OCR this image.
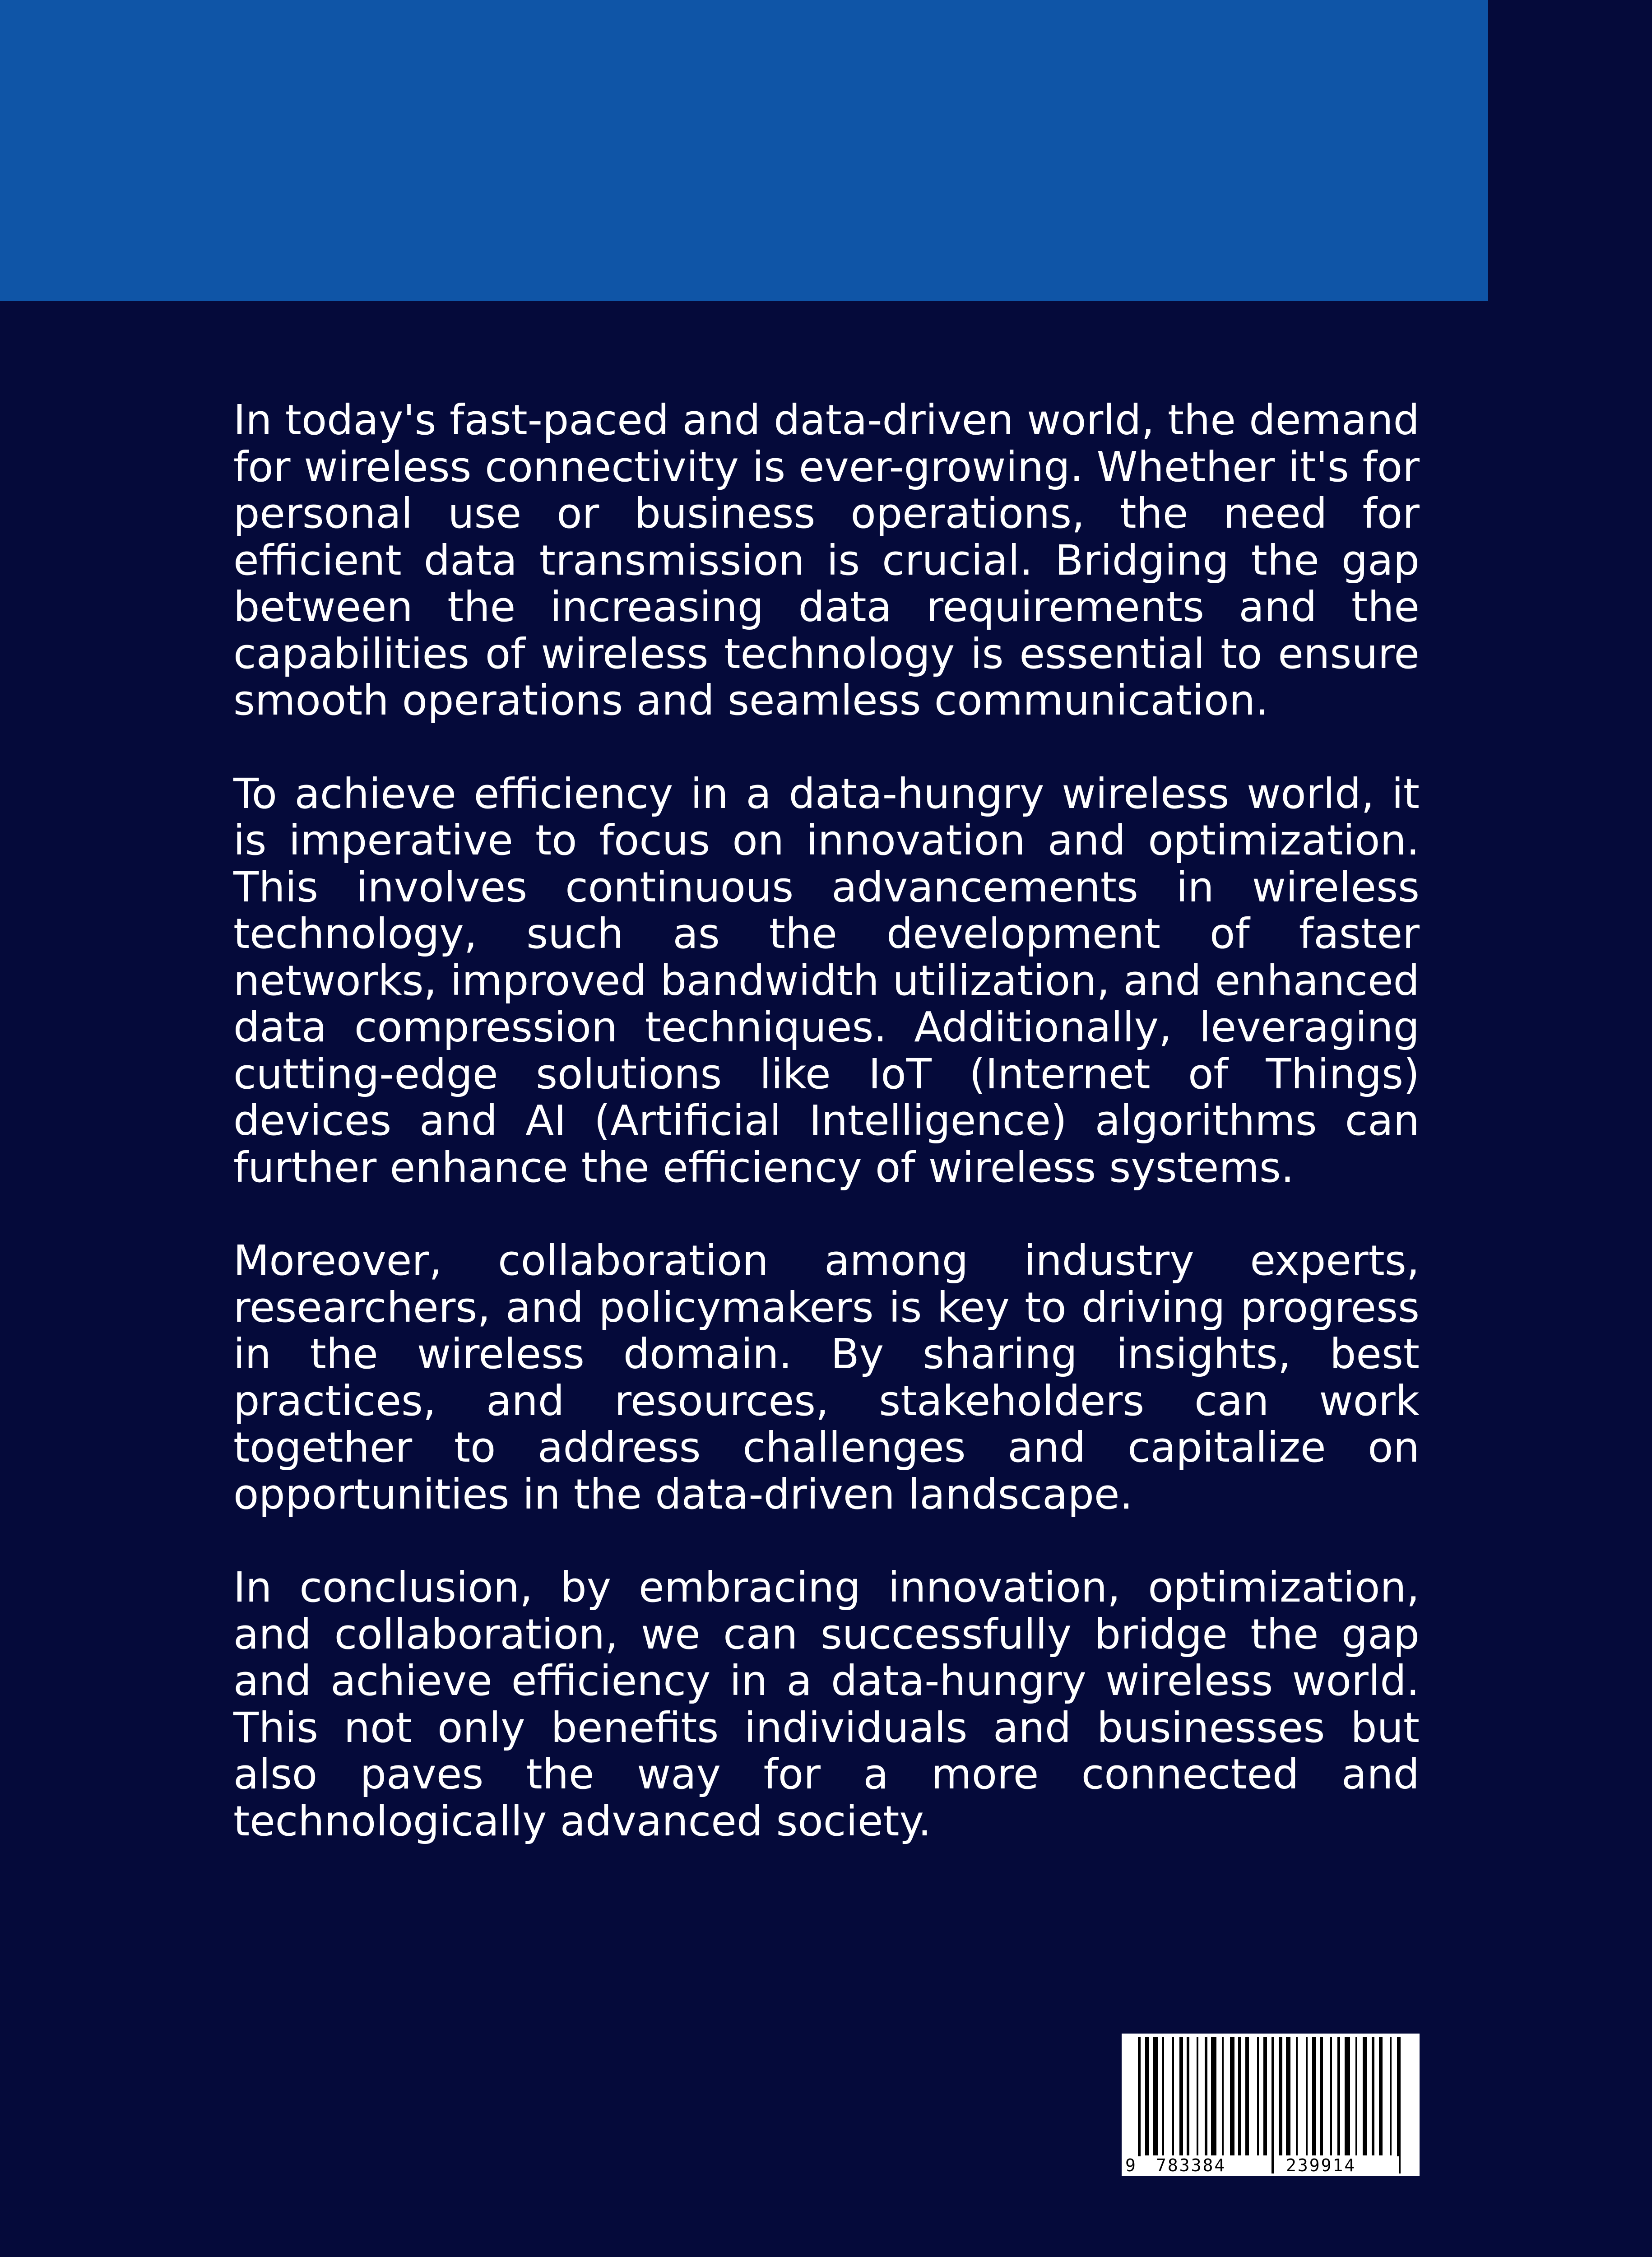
In today's fast-paced and data-driven world, the demand for wireless connectivity is ever-growing. Whether it's for personal use or business operations, the need for efficient data transmission is crucial. Bridging the gap between the increasing data requirements and the capabilities of wireless technology is essential to ensure smooth operations and seamless communication.

To achieve efficiency in a data-hungry wireless world, it is imperative to focus on innovation and optimization. This involves continuous advancements in wireless technology, such as the development of faster networks, improved bandwidth utilization, and enhanced data compression techniques. Additionally, leveraging cutting-edge solutions like IoT (Internet of Things) devices and AI (Artificial Intelligence) algorithms can further enhance the efficiency of wireless systems.

Moreover, collaboration among industry experts, researchers, and policymakers is key to driving progress in the wireless domain. By sharing insights, best practices, and resources, stakeholders can work together to address challenges and capitalize on opportunities in the data-driven landscape.

In conclusion, by embracing innovation, optimization, and collaboration, we can successfully bridge the gap and achieve efficiency in a data-hungry wireless world. This not only benefits individuals and businesses but also paves the way for a more connected and technologically advanced society.

9 783384	239914
